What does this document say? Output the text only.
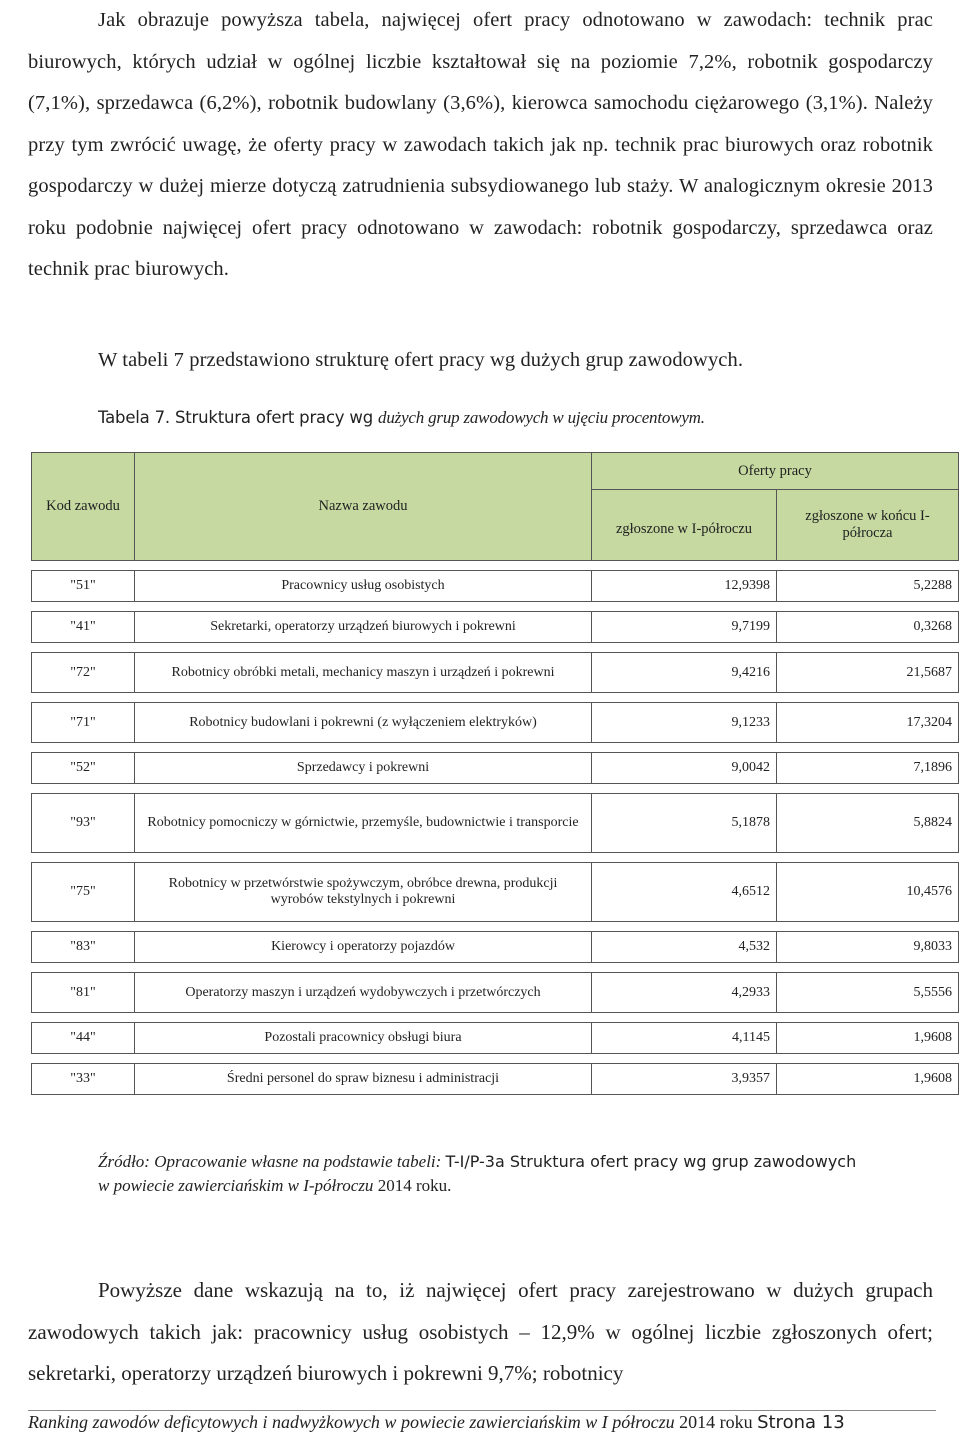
Jak obrazuje powyższa tabela, najwięcej ofert pracy odnotowano w zawodach: technik prac biurowych, których udział w ogólnej liczbie kształtował się na poziomie 7,2%, robotnik gospodarczy (7,1%), sprzedawca (6,2%), robotnik budowlany (3,6%), kierowca samochodu ciężarowego (3,1%). Należy przy tym zwrócić uwagę, że oferty pracy w zawodach takich jak np. technik prac biurowych oraz robotnik gospodarczy w dużej mierze dotyczą zatrudnienia subsydiowanego lub staży. W analogicznym okresie 2013 roku podobnie najwięcej ofert pracy odnotowano w zawodach: robotnik gospodarczy, sprzedawca oraz technik prac biurowych.
W tabeli 7 przedstawiono strukturę ofert pracy wg dużych grup zawodowych.
Tabela 7. Struktura ofert pracy wg dużych grup zawodowych w ujęciu procentowym.
Kod zawodu	Nazwa zawodu	Oferty pracy	
		zgłoszone w I-półroczu	zgłoszone w końcu I-półrocza

"51"	Pracownicy usług osobistych	12,9398	5,2288

"41"	Sekretarki, operatorzy urządzeń biurowych i pokrewni	9,7199	0,3268

"72"	Robotnicy obróbki metali, mechanicy maszyn i urządzeń i pokrewni	9,4216	21,5687

"71"	Robotnicy budowlani i pokrewni (z wyłączeniem elektryków)	9,1233	17,3204

"52"	Sprzedawcy i pokrewni	9,0042	7,1896

"93"	Robotnicy pomocniczy w górnictwie, przemyśle, budownictwie i transporcie	5,1878	5,8824

"75"	Robotnicy w przetwórstwie spożywczym, obróbce drewna, produkcji wyrobów tekstylnych i pokrewni	4,6512	10,4576

"83"	Kierowcy i operatorzy pojazdów	4,532	9,8033

"81"	Operatorzy maszyn i urządzeń wydobywczych i przetwórczych	4,2933	5,5556

"44"	Pozostali pracownicy obsługi biura	4,1145	1,9608

"33"	Średni personel do spraw biznesu i administracji	3,9357	1,9608
Źródło: Opracowanie własne na podstawie tabeli: T-I/P-3a Struktura ofert pracy wg grup zawodowych
w powiecie zawierciańskim w I-półroczu 2014 roku.
Powyższe dane wskazują na to, iż najwięcej ofert pracy zarejestrowano w dużych grupach zawodowych takich jak: pracownicy usług osobistych – 12,9% w ogólnej liczbie zgłoszonych ofert; sekretarki, operatorzy urządzeń biurowych i pokrewni 9,7%; robotnicy
Ranking zawodów deficytowych i nadwyżkowych w powiecie zawierciańskim w I półroczu 2014 roku Strona 13
